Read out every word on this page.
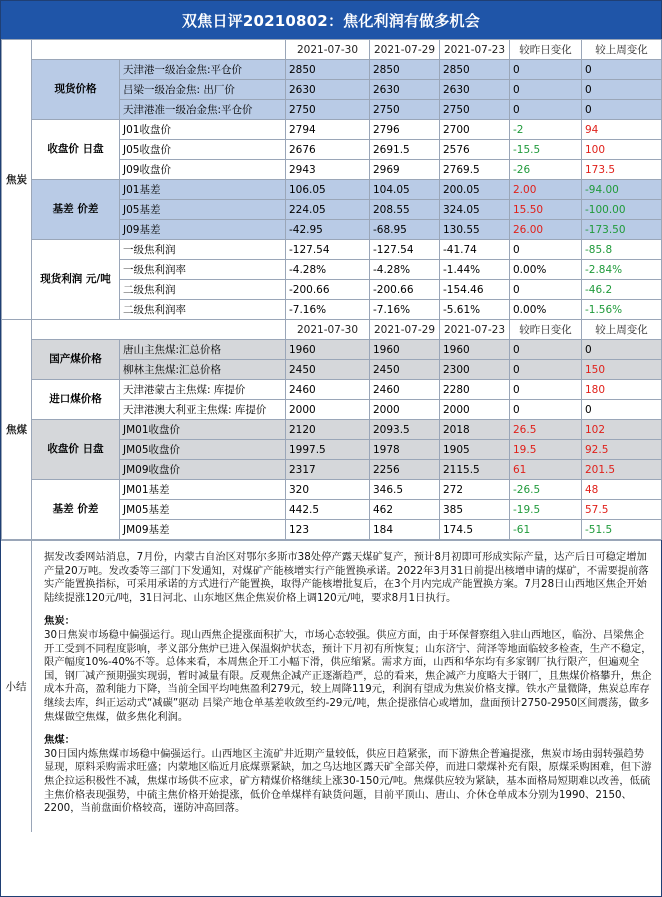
双焦日评20210802：焦化利润有做多机会
焦炭			2021-07-30	2021-07-29	2021-07-23	较昨日变化	较上周变化
	现货价格	天津港一级冶金焦:平仓价	2850	2850	2850	0	0
		吕梁一级冶金焦: 出厂价	2630	2630	2630	0	0
		天津港准一级冶金焦:平仓价	2750	2750	2750	0	0
	收盘价 日盘	J01收盘价	2794	2796	2700	-2	94
		J05收盘价	2676	2691.5	2576	-15.5	100
		J09收盘价	2943	2969	2769.5	-26	173.5
	基差 价差	J01基差	106.05	104.05	200.05	2.00	-94.00
		J05基差	224.05	208.55	324.05	15.50	-100.00
		J09基差	-42.95	-68.95	130.55	26.00	-173.50
	现货利润 元/吨	一级焦利润	-127.54	-127.54	-41.74	0	-85.8
		一级焦利润率	-4.28%	-4.28%	-1.44%	0.00%	-2.84%
		二级焦利润	-200.66	-200.66	-154.46	0	-46.2
		二级焦利润率	-7.16%	-7.16%	-5.61%	0.00%	-1.56%
焦煤			2021-07-30	2021-07-29	2021-07-23	较昨日变化	较上周变化
	国产煤价格	唐山主焦煤:汇总价格	1960	1960	1960	0	0
		柳林主焦煤:汇总价格	2450	2450	2300	0	150
	进口煤价格	天津港蒙古主焦煤: 库提价	2460	2460	2280	0	180
		天津港澳大利亚主焦煤: 库提价	2000	2000	2000	0	0
	收盘价 日盘	JM01收盘价	2120	2093.5	2018	26.5	102
		JM05收盘价	1997.5	1978	1905	19.5	92.5
		JM09收盘价	2317	2256	2115.5	61	201.5
	基差 价差	JM01基差	320	346.5	272	-26.5	48
		JM05基差	442.5	462	385	-19.5	57.5
		JM09基差	123	184	174.5	-61	-51.5
小结

据发改委网站消息，7月份，内蒙古自治区对鄂尔多斯市38处停产露天煤矿复产，预计8月初即可形成实际产量，达产后日可稳定增加产量20万吨。发改委等三部门下发通知，对煤矿产能核增实行产能置换承诺。2022年3月31日前提出核增申请的煤矿，不需要提前落实产能置换指标，可采用承诺的方式进行产能置换，取得产能核增批复后，在3个月内完成产能置换方案。7月28日山西地区焦企开始陆续提涨120元/吨，31日河北、山东地区焦企焦炭价格上调120元/吨，要求8月1日执行。

焦炭：

30日焦炭市场稳中偏强运行。现山西焦企提涨面积扩大，市场心态较强。供应方面，由于环保督察组入驻山西地区，临汾、吕梁焦企开工受到不同程度影响，孝义部分焦炉已进入保温焖炉状态，预计下月初有所恢复；山东济宁、菏泽等地面临较多检查，生产不稳定，限产幅度10%-40%不等。总体来看，本周焦企开工小幅下滑，供应缩紧。需求方面，山西和华东均有多家钢厂执行限产，但遍观全国，钢厂减产预期强实现弱，暂时减量有限。反观焦企减产正逐渐趋严，总的看来，焦企减产力度略大于钢厂，且焦煤价格攀升，焦企成本升高，盈利能力下降，当前全国平均吨焦盈利279元，较上周降119元，利润有望成为焦炭价格支撑。铁水产量微降，焦炭总库存继续去库，纠正运动式“减碳”驱动 吕梁产地仓单基差收敛至约-29元/吨，焦企提涨信心或增加，盘面预计2750-2950区间震荡，做多焦煤做空焦煤，做多焦化利润。

焦煤：

30日国内炼焦煤市场稳中偏强运行。山西地区主流矿井近期产量较低，供应日趋紧张，而下游焦企普遍提涨，焦炭市场由弱转强趋势显现，原料采购需求旺盛；内蒙地区临近月底煤票紧缺，加之乌达地区露天矿全部关停，而进口蒙煤补充有限，原煤采购困难，但下游焦企拉运积极性不减，焦煤市场供不应求，矿方精煤价格继续上涨30-150元/吨。焦煤供应较为紧缺，基本面格局短期难以改善，低硫主焦价格表现强势，中硫主焦价格开始提涨，低价仓单煤样有缺货问题，目前平顶山、唐山、介休仓单成本分别为1990、2150、2200，当前盘面价格较高，谨防冲高回落。
